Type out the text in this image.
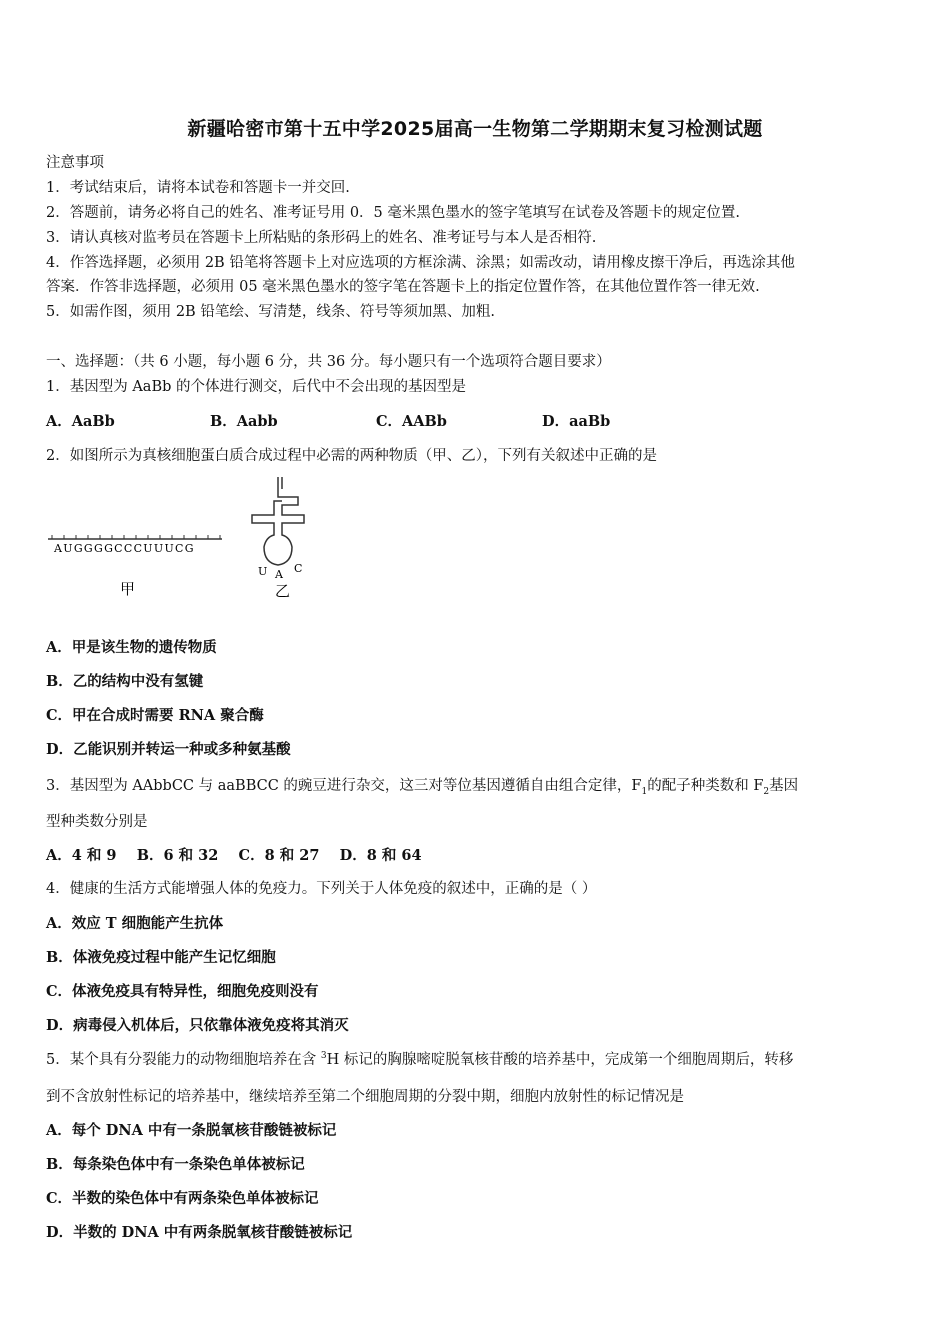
新疆哈密市第十五中学2025届高一生物第二学期期末复习检测试题
注意事项
1．考试结束后，请将本试卷和答题卡一并交回.
2．答题前，请务必将自己的姓名、准考证号用 0．5 毫米黑色墨水的签字笔填写在试卷及答题卡的规定位置.
3．请认真核对监考员在答题卡上所粘贴的条形码上的姓名、准考证号与本人是否相符.
4．作答选择题，必须用 2B 铅笔将答题卡上对应选项的方框涂满、涂黑；如需改动，请用橡皮擦干净后，再选涂其他
答案．作答非选择题，必须用 05 毫米黑色墨水的签字笔在答题卡上的指定位置作答，在其他位置作答一律无效.
5．如需作图，须用 2B 铅笔绘、写清楚，线条、符号等须加黑、加粗.
一、选择题：（共 6 小题，每小题 6 分，共 36 分。每小题只有一个选项符合题目要求）
1．基因型为 AaBb 的个体进行测交，后代中不会出现的基因型是
A．AaBb	B．Aabb	C．AABb	D．aaBb
2．如图所示为真核细胞蛋白质合成过程中必需的两种物质（甲、乙），下列有关叙述中正确的是
AUGGGGCCCUUUCG
甲
U A C
乙
A．甲是该生物的遗传物质
B．乙的结构中没有氢键
C．甲在合成时需要 RNA 聚合酶
D．乙能识别并转运一种或多种氨基酸
3．基因型为 AAbbCC 与 aaBBCC 的豌豆进行杂交，这三对等位基因遵循自由组合定律，$F_1$的配子种类数和 $F_2$基因
型种类数分别是
A．4 和 9    B．6 和 32    C．8 和 27    D．8 和 64
4．健康的生活方式能增强人体的免疫力。下列关于人体免疫的叙述中，正确的是（ ）
A．效应 T 细胞能产生抗体
B．体液免疫过程中能产生记忆细胞
C．体液免疫具有特异性，细胞免疫则没有
D．病毒侵入机体后，只依靠体液免疫将其消灭
5．某个具有分裂能力的动物细胞培养在含 $^3$H 标记的胸腺嘧啶脱氧核苷酸的培养基中，完成第一个细胞周期后，转移
到不含放射性标记的培养基中，继续培养至第二个细胞周期的分裂中期，细胞内放射性的标记情况是
A．每个 DNA 中有一条脱氧核苷酸链被标记
B．每条染色体中有一条染色单体被标记
C．半数的染色体中有两条染色单体被标记
D．半数的 DNA 中有两条脱氧核苷酸链被标记
